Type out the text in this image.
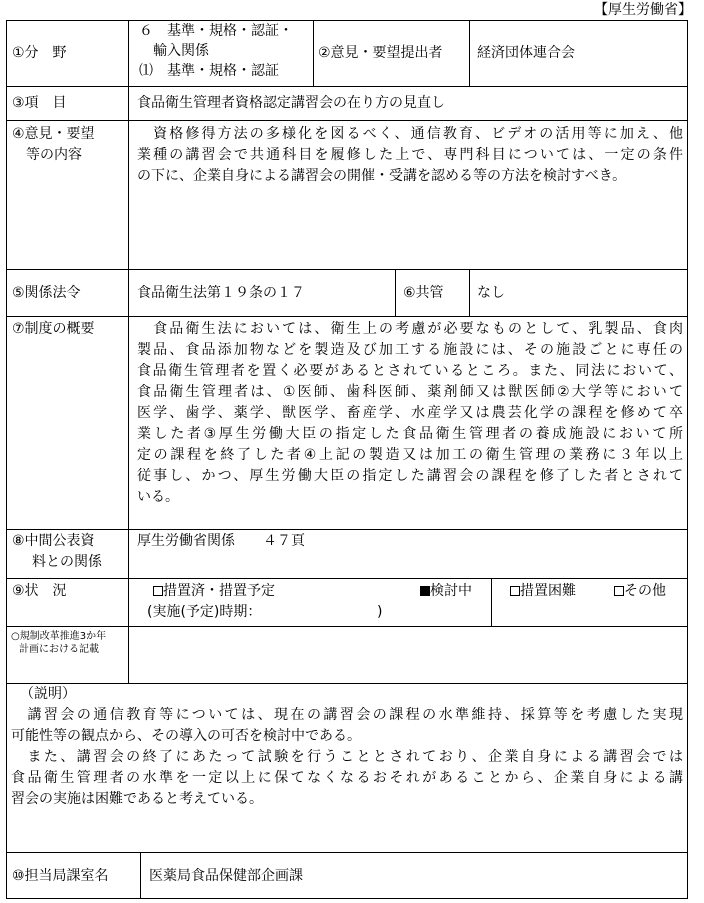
【厚生労働省】
①分　野
６　基準・規格・認証・
輸入関係
⑴　基準・規格・認証
②意見・要望提出者 経済団体連合会
③項　目	食品衛生管理者資格認定講習会の在り方の見直し
④意見・要望
等の内容
　資格修得方法の多様化を図るべく、通信教育、ビデオの活用等に加え、他
業種の講習会で共通科目を履修した上で、専門科目については、一定の条件
の下に、企業自身による講習会の開催・受講を認める等の方法を検討すべき。
⑤関係法令	食品衛生法第１９条の１７	⑥共管 なし
⑦制度の概要	　食品衛生法においては、衛生上の考慮が必要なものとして、乳製品、食肉
製品、食品添加物などを製造及び加工する施設には、その施設ごとに専任の
食品衛生管理者を置く必要があるとされているところ。また、同法において、
食品衛生管理者は、①医師、歯科医師、薬剤師又は獣医師②大学等において
医学、歯学、薬学、獣医学、畜産学、水産学又は農芸化学の課程を修めて卒
業した者③厚生労働大臣の指定した食品衛生管理者の養成施設において所
定の課程を終了した者④上記の製造又は加工の衛生管理の業務に３年以上
従事し、かつ、厚生労働大臣の指定した講習会の課程を修了した者とされて
いる。
⑧中間公表資
料との関係
厚生労働省関係　　４７頁
⑨状　況	措置済・措置予定	検討中	措置困難	その他
(実施(予定)時期：	)
○規制改革推進3か年
計画における記載
（説明）
　講習会の通信教育等については、現在の講習会の課程の水準維持、採算等を考慮した実現
可能性等の観点から、その導入の可否を検討中である。
　また、講習会の終了にあたって試験を行うこととされており、企業自身による講習会では
食品衛生管理者の水準を一定以上に保てなくなるおそれがあることから、企業自身による講
習会の実施は困難であると考えている。
⑩担当局課室名	医薬局食品保健部企画課
